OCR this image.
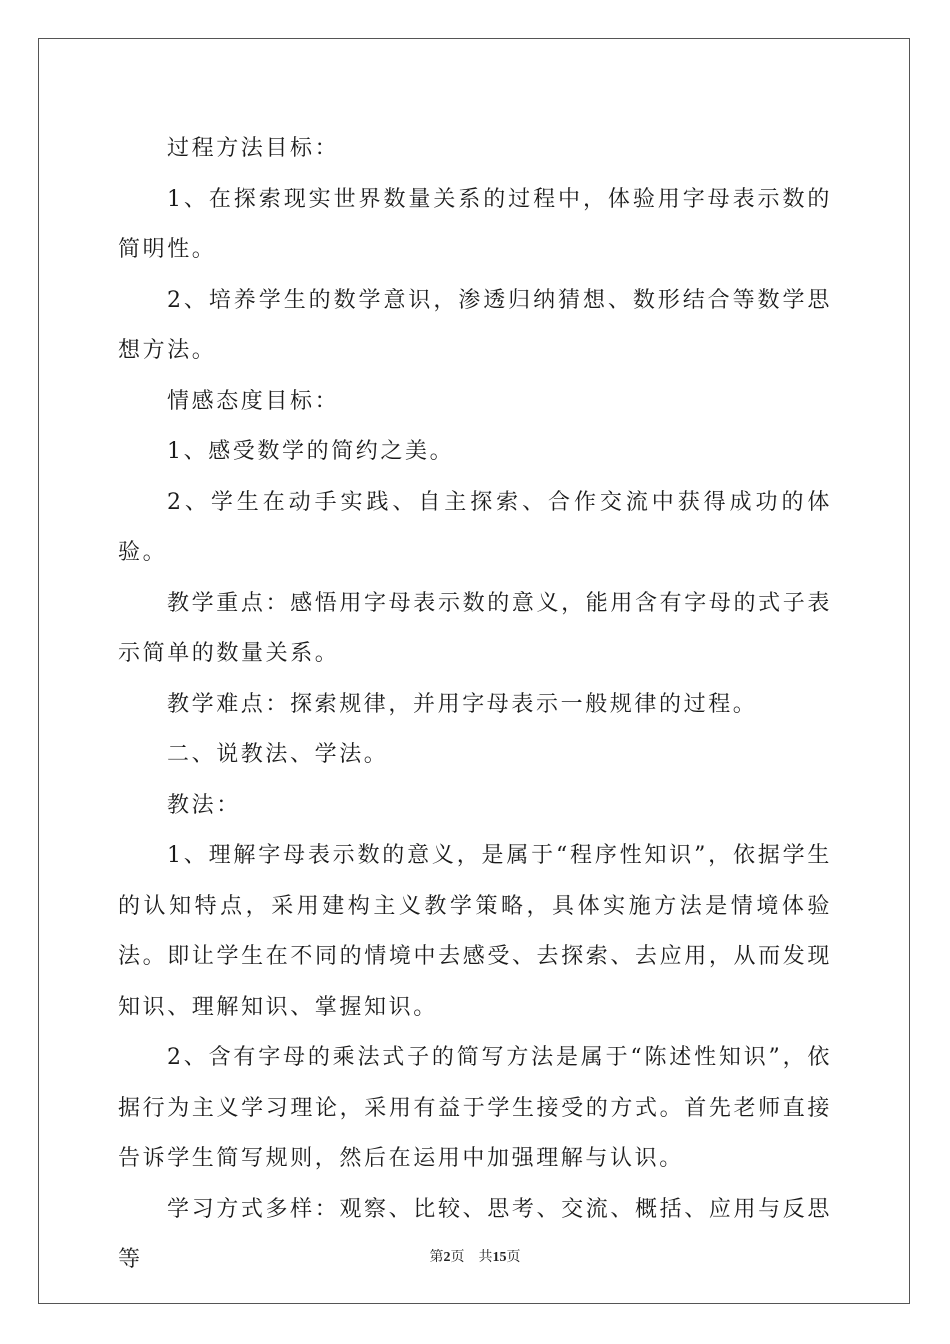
过程方法目标：

1、在探索现实世界数量关系的过程中，体验用字母表示数的简明性。

2、培养学生的数学意识，渗透归纳猜想、数形结合等数学思想方法。

情感态度目标：

1、感受数学的简约之美。

2、学生在动手实践、自主探索、合作交流中获得成功的体验。

教学重点：感悟用字母表示数的意义，能用含有字母的式子表示简单的数量关系。

教学难点：探索规律，并用字母表示一般规律的过程。

二、说教法、学法。

教法：

1、理解字母表示数的意义，是属于“程序性知识”，依据学生的认知特点，采用建构主义教学策略，具体实施方法是情境体验法。即让学生在不同的情境中去感受、去探索、去应用，从而发现知识、理解知识、掌握知识。

2、含有字母的乘法式子的简写方法是属于“陈述性知识”，依据行为主义学习理论，采用有益于学生接受的方式。首先老师直接告诉学生简写规则，然后在运用中加强理解与认识。

学习方式多样：观察、比较、思考、交流、概括、应用与反思等	第2页 共15页
